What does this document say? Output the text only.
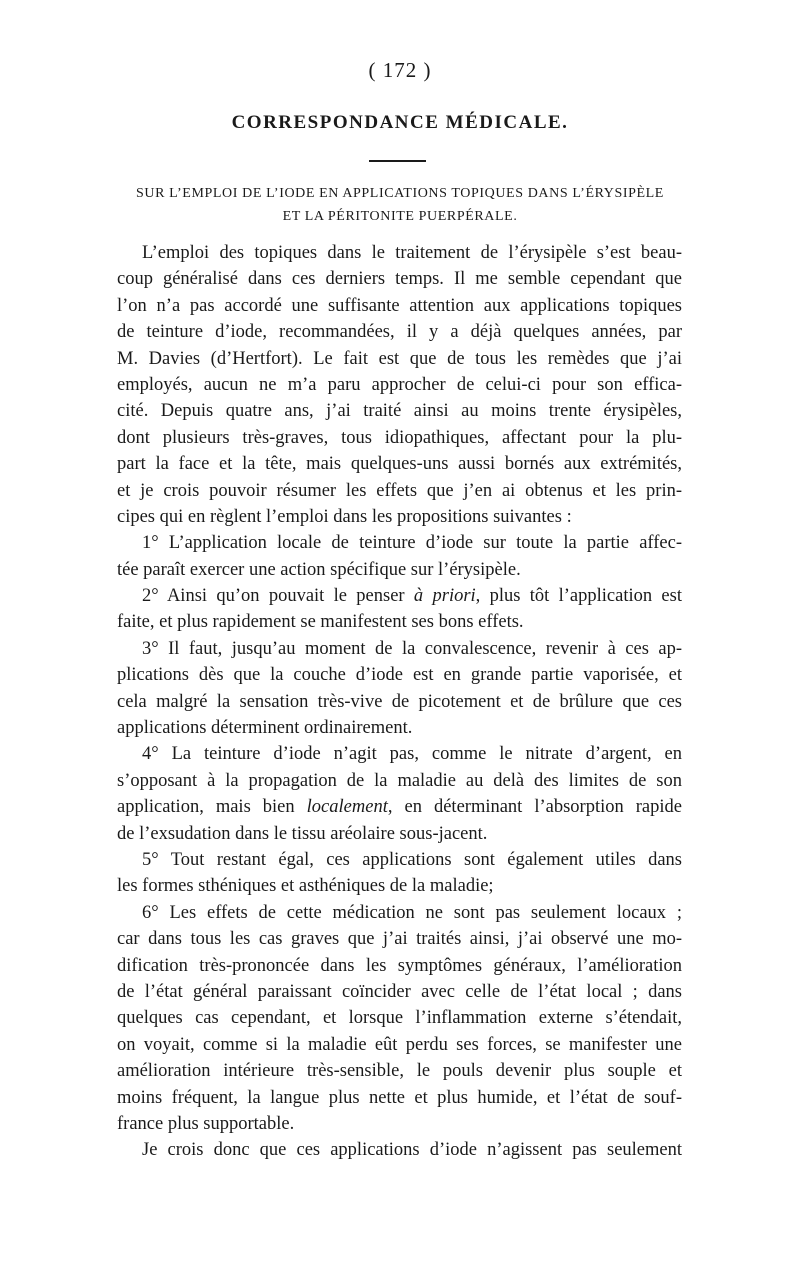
( 172 )
CORRESPONDANCE MÉDICALE.
SUR L’EMPLOI DE L’IODE EN APPLICATIONS TOPIQUES DANS L’ÉRYSIPÈLE
ET LA PÉRITONITE PUERPÉRALE.
L’emploi des topiques dans le traitement de l’érysipèle s’est beau-
coup généralisé dans ces derniers temps. Il me semble cependant que
l’on n’a pas accordé une suffisante attention aux applications topiques
de teinture d’iode, recommandées, il y a déjà quelques années, par
M. Davies (d’Hertfort). Le fait est que de tous les remèdes que j’ai
employés, aucun ne m’a paru approcher de celui-ci pour son effica-
cité. Depuis quatre ans, j’ai traité ainsi au moins trente érysipèles,
dont plusieurs très-graves, tous idiopathiques, affectant pour la plu-
part la face et la tête, mais quelques-uns aussi bornés aux extrémités,
et je crois pouvoir résumer les effets que j’en ai obtenus et les prin-
cipes qui en règlent l’emploi dans les propositions suivantes :
1° L’application locale de teinture d’iode sur toute la partie affec-
tée paraît exercer une action spécifique sur l’érysipèle.
2° Ainsi qu’on pouvait le penser à priori, plus tôt l’application est
faite, et plus rapidement se manifestent ses bons effets.
3° Il faut, jusqu’au moment de la convalescence, revenir à ces ap-
plications dès que la couche d’iode est en grande partie vaporisée, et
cela malgré la sensation très-vive de picotement et de brûlure que ces
applications déterminent ordinairement.
4° La teinture d’iode n’agit pas, comme le nitrate d’argent, en
s’opposant à la propagation de la maladie au delà des limites de son
application, mais bien localement, en déterminant l’absorption rapide
de l’exsudation dans le tissu aréolaire sous-jacent.
5° Tout restant égal, ces applications sont également utiles dans
les formes sthéniques et asthéniques de la maladie;
6° Les effets de cette médication ne sont pas seulement locaux ;
car dans tous les cas graves que j’ai traités ainsi, j’ai observé une mo-
dification très-prononcée dans les symptômes généraux, l’amélioration
de l’état général paraissant coïncider avec celle de l’état local ; dans
quelques cas cependant, et lorsque l’inflammation externe s’étendait,
on voyait, comme si la maladie eût perdu ses forces, se manifester une
amélioration intérieure très-sensible, le pouls devenir plus souple et
moins fréquent, la langue plus nette et plus humide, et l’état de souf-
france plus supportable.
Je crois donc que ces applications d’iode n’agissent pas seulement
